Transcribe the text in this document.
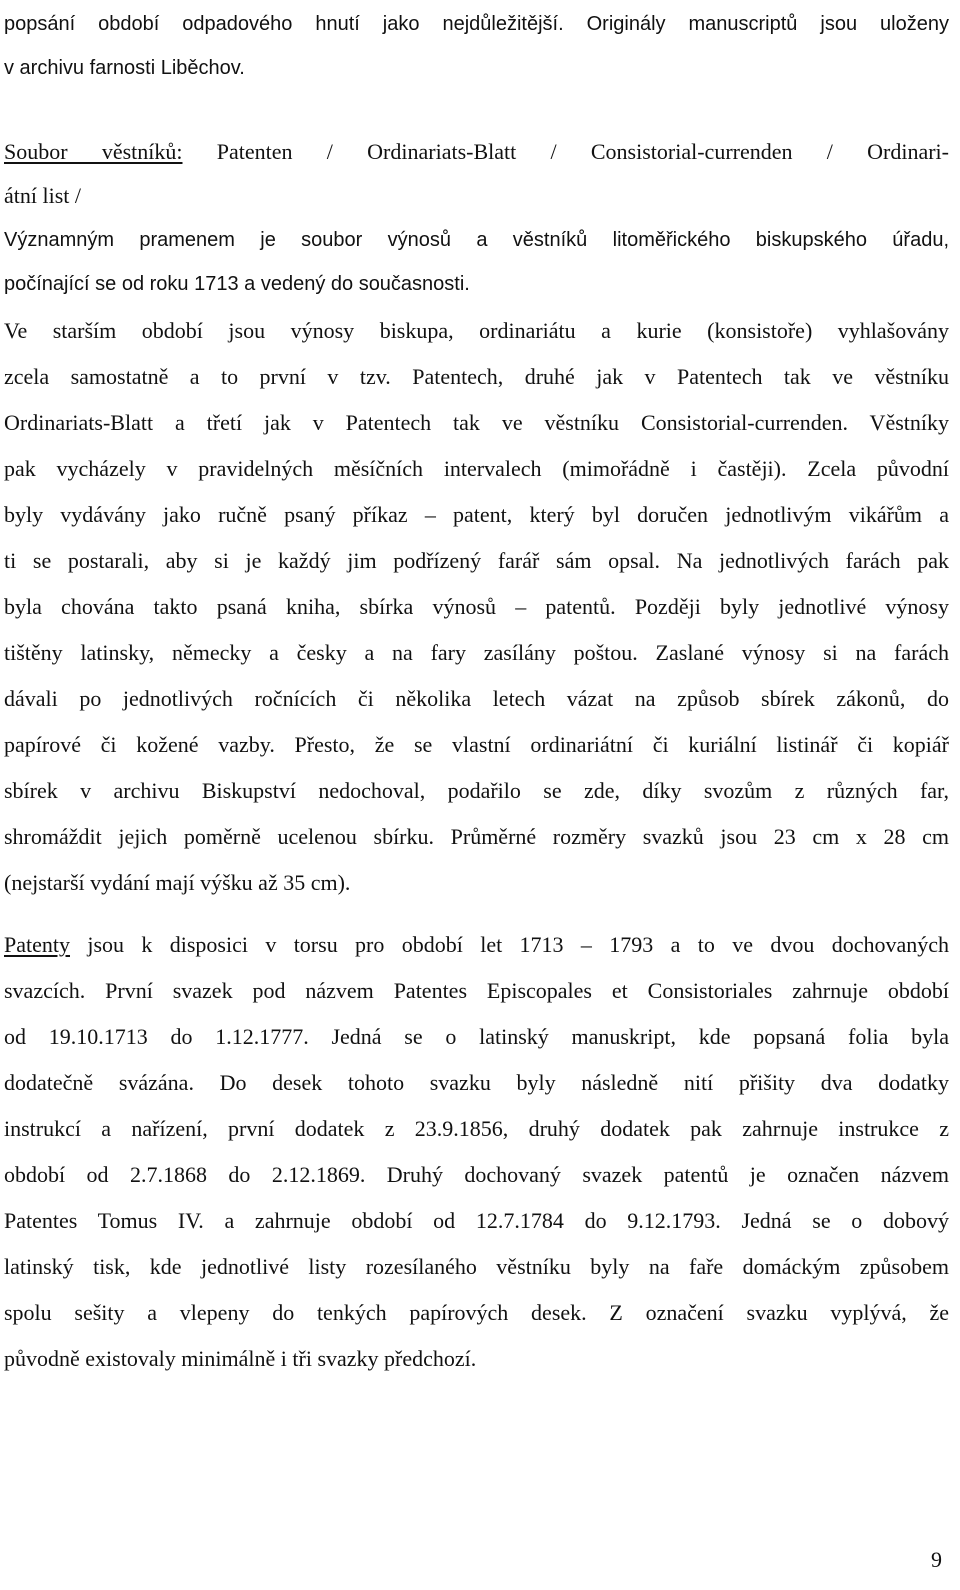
popsání období odpadového hnutí jako nejdůležitější. Originály manuscriptů jsou uloženy
v archivu farnosti Liběchov.
Soubor věstníků: Patenten / Ordinariats-Blatt / Consistorial-currenden / Ordinari-
átní list /
Významným pramenem je soubor výnosů a věstníků litoměřického biskupského úřadu,
počínající se od roku 1713 a vedený do současnosti.
Ve starším období jsou výnosy biskupa, ordinariátu a kurie (konsistoře) vyhlašovány
zcela samostatně a to první v tzv. Patentech, druhé jak v Patentech tak ve věstníku
Ordinariats-Blatt a třetí jak v Patentech tak ve věstníku Consistorial-currenden. Věstníky
pak vycházely v pravidelných měsíčních intervalech (mimořádně i častěji). Zcela původní
byly vydávány jako ručně psaný příkaz – patent, který byl doručen jednotlivým vikářům a
ti se postarali, aby si je každý jim podřízený farář sám opsal. Na jednotlivých farách pak
byla chována takto psaná kniha, sbírka výnosů – patentů. Později byly jednotlivé výnosy
tištěny latinsky, německy a česky a na fary zasílány poštou. Zaslané výnosy si na farách
dávali po jednotlivých ročnících či několika letech vázat na způsob sbírek zákonů, do
papírové či kožené vazby. Přesto, že se vlastní ordinariátní či kuriální listinář či kopiář
sbírek v archivu Biskupství nedochoval, podařilo se zde, díky svozům z různých far,
shromáždit jejich poměrně ucelenou sbírku. Průměrné rozměry svazků jsou 23 cm x 28 cm
(nejstarší vydání mají výšku až 35 cm).
Patenty jsou k disposici v torsu pro období let 1713 – 1793 a to ve dvou dochovaných
svazcích. První svazek pod názvem Patentes Episcopales et Consistoriales zahrnuje období
od 19.10.1713 do 1.12.1777. Jedná se o latinský manuskript, kde popsaná folia byla
dodatečně svázána. Do desek tohoto svazku byly následně nití přišity dva dodatky
instrukcí a nařízení, první dodatek z 23.9.1856, druhý dodatek pak zahrnuje instrukce z
období od 2.7.1868 do 2.12.1869. Druhý dochovaný svazek patentů je označen názvem
Patentes Tomus IV. a zahrnuje období od 12.7.1784 do 9.12.1793. Jedná se o dobový
latinský tisk, kde jednotlivé listy rozesílaného věstníku byly na faře domáckým způsobem
spolu sešity a vlepeny do tenkých papírových desek. Z označení svazku vyplývá, že
původně existovaly minimálně i tři svazky předchozí.
9
